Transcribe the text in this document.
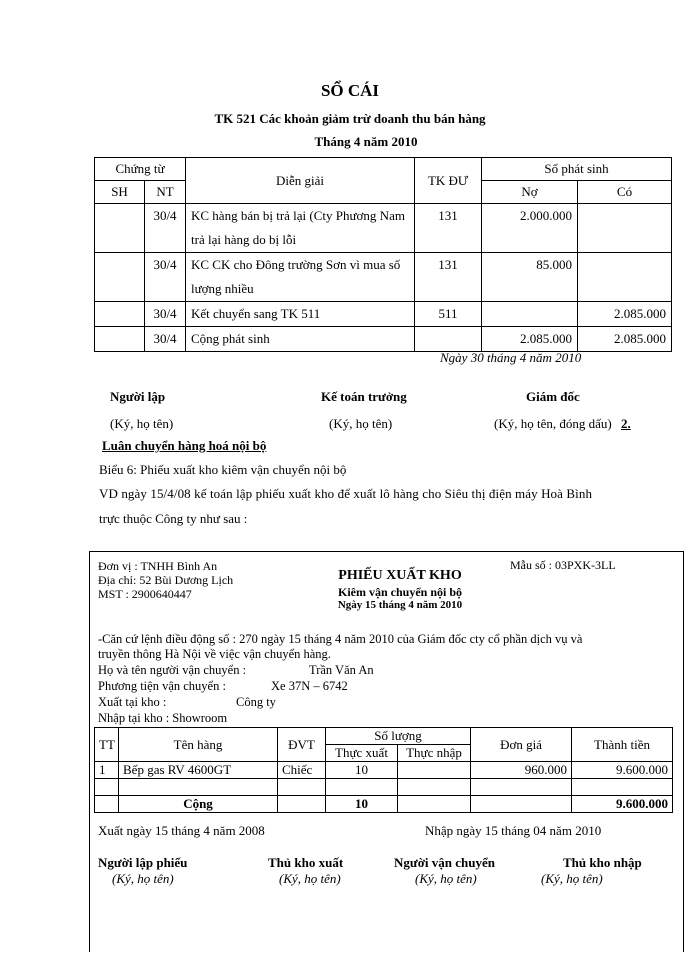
SỔ CÁI
TK 521 Các khoản giảm trừ doanh thu bán hàng
Tháng 4 năm 2010
Chứng từ		Diễn giải	TK ĐƯ	Số phát sinh	
SH	NT			Nợ	Có
	30/4	KC hàng bán bị trả lại (Cty Phương Nam trả lại hàng do bị lỗi	131	2.000.000	
	30/4	KC CK cho Đông trường Sơn vì mua số lượng nhiều	131	85.000	
	30/4	Kết chuyển sang TK 511	511		2.085.000
	30/4	Cộng phát sinh		2.085.000	2.085.000
Ngày 30 tháng 4 năm 2010
Người lập	Kế toán trưởng	Giám đốc
(Ký, họ tên)	(Ký, họ tên)	(Ký, họ tên, đóng dấu) 2.
Luân chuyển hàng hoá nội bộ
Biểu 6: Phiếu xuất kho kiêm vận chuyển nội bộ
VD ngày 15/4/08 kế toán lập phiếu xuất kho để xuất lô hàng cho Siêu thị điện máy Hoà Bình
trực thuộc Công ty như sau :
Đơn vị : TNHH Bình An
Địa chỉ: 52 Bùi Dương Lịch
MST : 2900640447
Mẫu số : 03PXK-3LL
PHIẾU XUẤT KHO
Kiêm vận chuyển nội bộ
Ngày 15 tháng 4 năm 2010
-Căn cứ lệnh điều động số : 270 ngày 15 tháng 4 năm 2010 của Giám đốc cty cổ phần dịch vụ và
truyền thông Hà Nội về việc vận chuyển hàng.
Họ và tên người vận chuyển :	Trần Văn An
Phương tiện vận chuyển :	Xe 37N – 6742
Xuất tại kho :	Công ty
Nhập tại kho : Showroom
TT	Tên hàng	ĐVT	Số lượng		Đơn giá	Thành tiền
			Thực xuất	Thực nhập		
1	Bếp gas RV 4600GT	Chiếc	10		960.000	9.600.000

	Cộng		10			9.600.000
Xuất ngày 15 tháng 4 năm 2008	Nhập ngày 15 tháng 04 năm 2010
Người lập phiếu	Thủ kho xuất	Người vận chuyển	Thủ kho nhập
(Ký, họ tên)	(Ký, họ tên)	(Ký, họ tên)	(Ký, họ tên)
